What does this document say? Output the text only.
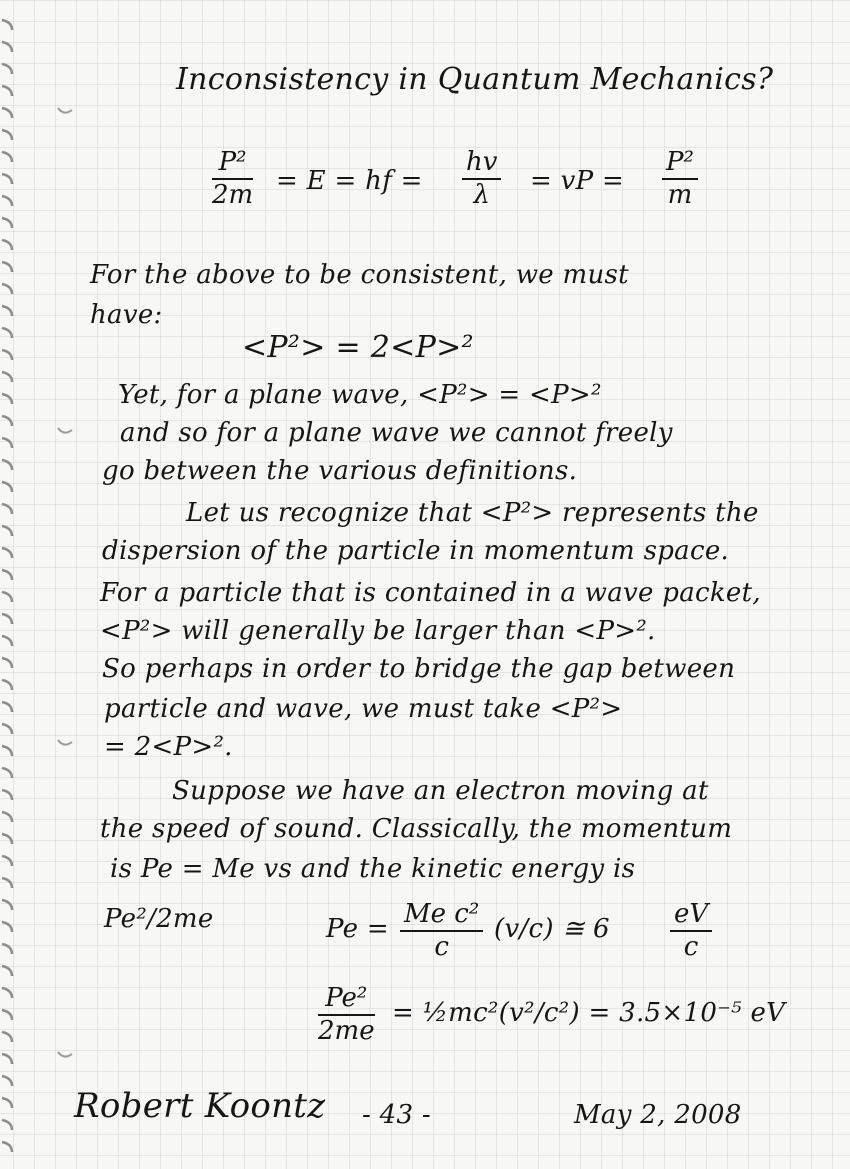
Inconsistency in Quantum Mechanics?
$\frac{\text{P²}}{2m} = E$ = hf = $\frac{hv}{\lambda}$ = vP = $\frac{\text{P²}}{m}$
For the above to be consistent, we must
have:
<P²> = 2<P>²
Yet, for a plane wave, <P²> = <P>²
and so for a plane wave we cannot freely
go between the various definitions.
Let us recognize that <P²> represents the
dispersion of the particle in momentum space.
For a particle that is contained in a wave packet,
<P²> will generally be larger than <P>².
So perhaps in order to bridge the gap between
particle and wave, we must take <P²>
= 2<P>².
Suppose we have an electron moving at
the speed of sound. Classically, the momentum
is Pe = Me vs and the kinetic energy is
Pe²/2me	$Pe = \frac{\text{Me c²}}{c} (v/c)$ ≅ $6 \frac{eV}{c}$
$\frac{\text{Pe²}}{2me}$ = ½mc²(v²/c²) = 3.5×10⁻⁵ eV
Robert Koontz - 43 -	May 2, 2008
